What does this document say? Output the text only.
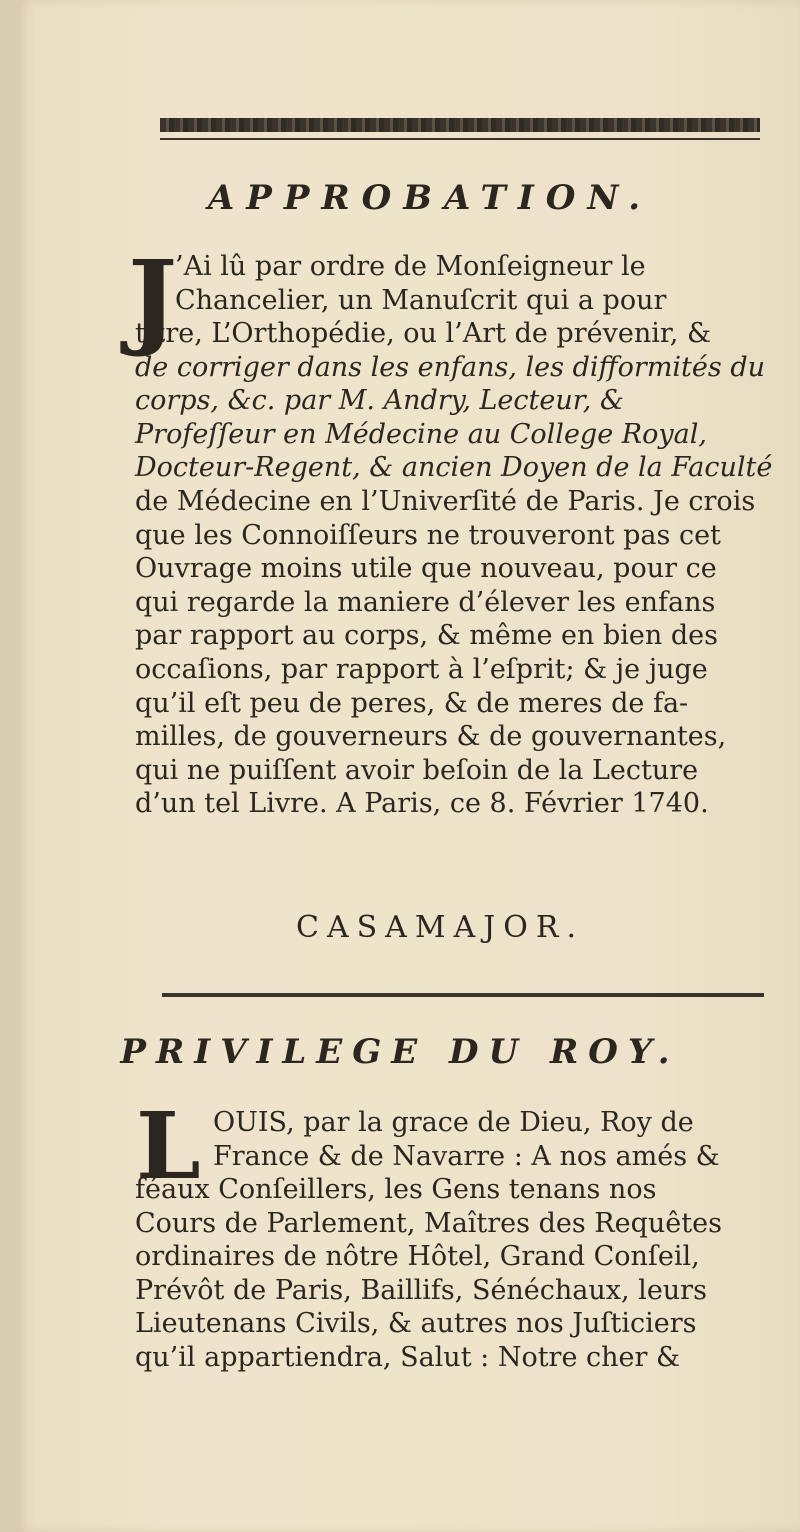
APPROBATION.
J
’Ai lû par ordre de Monſeigneur le
Chancelier, un Manuſcrit qui a pour
titre, L’Orthopédie, ou l’Art de prévenir, &
de corriger dans les enfans, les difformités du
corps, &c. par M. Andry, Lecteur, &
Profeſſeur en Médecine au College Royal,
Docteur-Regent, & ancien Doyen de la Faculté
de Médecine en l’Univerſité de Paris. Je crois
que les Connoiſſeurs ne trouveront pas cet
Ouvrage moins utile que nouveau, pour ce
qui regarde la maniere d’élever les enfans
par rapport au corps, & même en bien des
occaſions, par rapport à l’eſprit; & je juge
qu’il eſt peu de peres, & de meres de fa-
milles, de gouverneurs & de gouvernantes,
qui ne puiſſent avoir beſoin de la Lecture
d’un tel Livre. A Paris, ce 8. Février 1740.
CASAMAJOR.
PRIVILEGE DU ROY.
L OUIS, par la grace de Dieu, Roy de
France & de Navarre : A nos amés &
féaux Conſeillers, les Gens tenans nos
Cours de Parlement, Maîtres des Requêtes
ordinaires de nôtre Hôtel, Grand Conſeil,
Prévôt de Paris, Baillifs, Sénéchaux, leurs
Lieutenans Civils, & autres nos Juſticiers
qu’il appartiendra, Salut : Notre cher &
